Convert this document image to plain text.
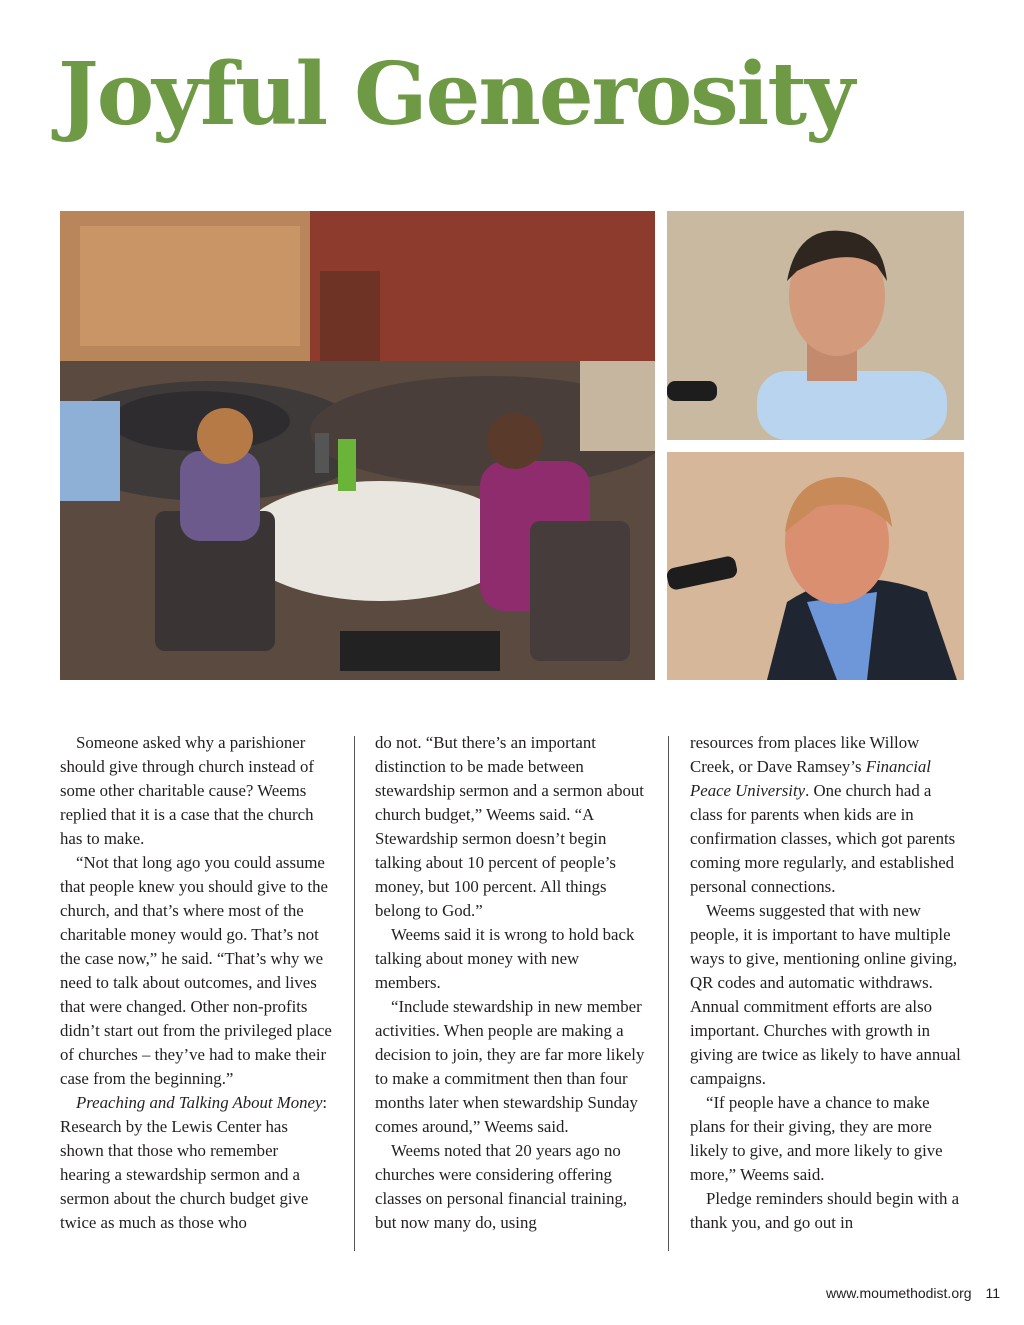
Joyful Generosity

Someone asked why a parishioner should give through church instead of some other charitable cause? Weems replied that it is a case that the church has to make.

“Not that long ago you could assume that people knew you should give to the church, and that’s where most of the charitable money would go. That’s not the case now,” he said. “That’s why we need to talk about outcomes, and lives that were changed. Other non-profits didn’t start out from the privileged place of churches – they’ve had to make their case from the beginning.”

Preaching and Talking About Money: Research by the Lewis Center has shown that those who remember hearing a stewardship sermon and a sermon about the church budget give twice as much as those who

do not. “But there’s an important distinction to be made between stewardship sermon and a sermon about church budget,” Weems said. “A Stewardship sermon doesn’t begin talking about 10 percent of people’s money, but 100 percent. All things belong to God.”

Weems said it is wrong to hold back talking about money with new members.

“Include stewardship in new member activities. When people are making a decision to join, they are far more likely to make a commitment then than four months later when stewardship Sunday comes around,” Weems said.

Weems noted that 20 years ago no churches were considering offering classes on personal financial training, but now many do, using

resources from places like Willow Creek, or Dave Ramsey’s Financial Peace University. One church had a class for parents when kids are in confirmation classes, which got parents coming more regularly, and established personal connections.

Weems suggested that with new people, it is important to have multiple ways to give, mentioning online giving, QR codes and automatic withdraws. Annual commitment efforts are also important. Churches with growth in giving are twice as likely to have annual campaigns.

“If people have a chance to make plans for their giving, they are more likely to give, and more likely to give more,” Weems said.

Pledge reminders should begin with a thank you, and go out in

www.moumethodist.org 11
